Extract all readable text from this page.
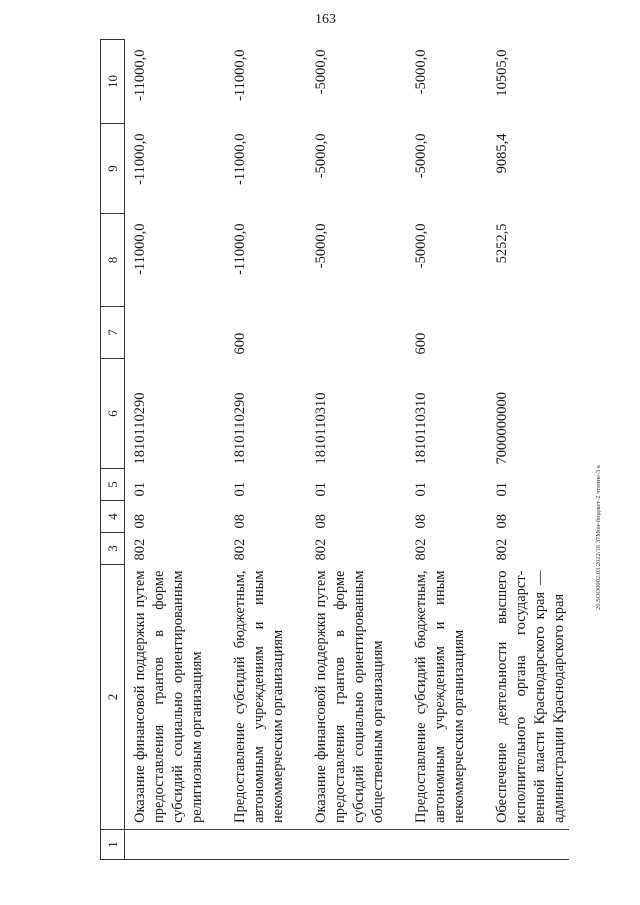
163
20.SOO0002.03 2022/16 37Мон-бюджет-2 чтение-3 к
1	2	3	4	5	6	7	8	9	10
	Оказание финансовой поддержки путем предоставления грантов в форме субсидий социально ориентированным религиозным организациям	802	08	01	1810110290		-11000,0	-11000,0	-11000,0

	Предоставление субсидий бюджетным, автономным учреждениям и иным некоммерческим организациям	802	08	01	1810110290	600	-11000,0	-11000,0	-11000,0

	Оказание финансовой поддержки путем предоставления грантов в форме субсидий социально ориентированным общественным организациям	802	08	01	1810110310		-5000,0	-5000,0	-5000,0

	Предоставление субсидий бюджетным, автономным учреждениям и иным некоммерческим организациям	802	08	01	1810110310	600	-5000,0	-5000,0	-5000,0

	Обеспечение деятельности высшего исполнительного органа государственной власти Краснодарского края — администрации Краснодарского края	802	08	01	7000000000		5252,5	9085,4	10505,0
